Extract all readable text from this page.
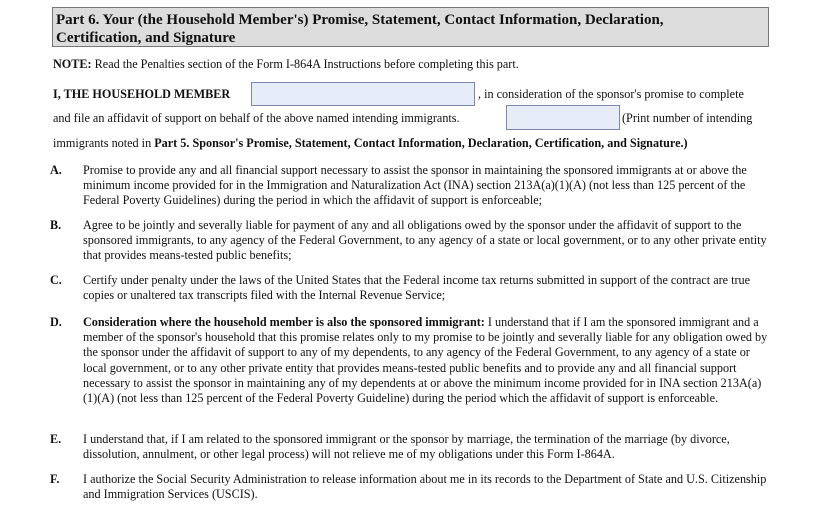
Part 6. Your (the Household Member's) Promise, Statement, Contact Information, Declaration,
Certification, and Signature
NOTE: Read the Penalties section of the Form I-864A Instructions before completing this part.
I, THE HOUSEHOLD MEMBER	, in consideration of the sponsor's promise to complete
and file an affidavit of support on behalf of the above named intending immigrants.	(Print number of intending
immigrants noted in Part 5. Sponsor's Promise, Statement, Contact Information, Declaration, Certification, and Signature.)
A. Promise to provide any and all financial support necessary to assist the sponsor in maintaining the sponsored immigrants at or above the minimum income provided for in the Immigration and Naturalization Act (INA) section 213A(a)(1)(A) (not less than 125 percent of the Federal Poverty Guidelines) during the period in which the affidavit of support is enforceable;
B. Agree to be jointly and severally liable for payment of any and all obligations owed by the sponsor under the affidavit of support to the sponsored immigrants, to any agency of the Federal Government, to any agency of a state or local government, or to any other private entity that provides means-tested public benefits;
C. Certify under penalty under the laws of the United States that the Federal income tax returns submitted in support of the contract are true copies or unaltered tax transcripts filed with the Internal Revenue Service;
D. Consideration where the household member is also the sponsored immigrant: I understand that if I am the sponsored immigrant and a member of the sponsor's household that this promise relates only to my promise to be jointly and severally liable for any obligation owed by the sponsor under the affidavit of support to any of my dependents, to any agency of the Federal Government, to any agency of a state or local government, or to any other private entity that provides means-tested public benefits and to provide any and all financial support necessary to assist the sponsor in maintaining any of my dependents at or above the minimum income provided for in INA section 213A(a)(1)(A) (not less than 125 percent of the Federal Poverty Guideline) during the period which the affidavit of support is enforceable.
E. I understand that, if I am related to the sponsored immigrant or the sponsor by marriage, the termination of the marriage (by divorce, dissolution, annulment, or other legal process) will not relieve me of my obligations under this Form I-864A.
F. I authorize the Social Security Administration to release information about me in its records to the Department of State and U.S. Citizenship and Immigration Services (USCIS).
